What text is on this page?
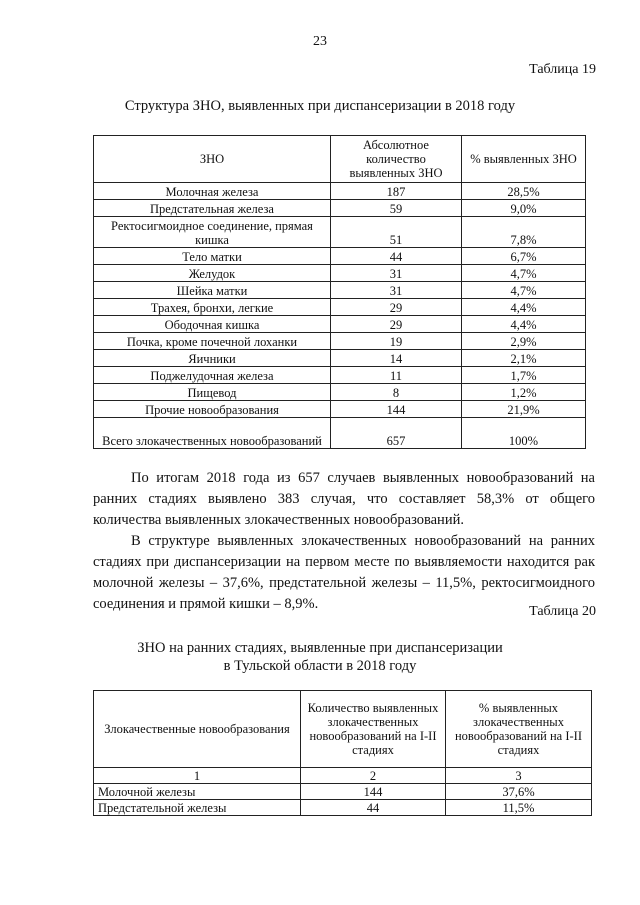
23
Таблица 19
Структура ЗНО, выявленных при диспансеризации в 2018 году
ЗНО	Абсолютное количество выявленных ЗНО	% выявленных ЗНО
Молочная железа	187	28,5%
Предстательная железа	59	9,0%
Ректосигмоидное соединение, прямая кишка	51	7,8%
Тело матки	44	6,7%
Желудок	31	4,7%
Шейка матки	31	4,7%
Трахея, бронхи, легкие	29	4,4%
Ободочная кишка	29	4,4%
Почка, кроме почечной лоханки	19	2,9%
Яичники	14	2,1%
Поджелудочная железа	11	1,7%
Пищевод	8	1,2%
Прочие новообразования	144	21,9%
Всего злокачественных новообразований	657	100%
По итогам 2018 года из 657 случаев выявленных новообразований на ранних стадиях выявлено 383 случая, что составляет 58,3% от общего количества выявленных злокачественных новообразований.
В структуре выявленных злокачественных новообразований на ранних стадиях при диспансеризации на первом месте по выявляемости находится рак молочной железы – 37,6%, предстательной железы – 11,5%, ректосигмоидного соединения и прямой кишки – 8,9%.	Таблица 20
ЗНО на ранних стадиях, выявленные при диспансеризации
в Тульской области в 2018 году
Злокачественные новообразования	Количество выявленных злокачественных новообразований на I-II стадиях	% выявленных злокачественных новообразований на I-II стадиях
1	2	3
Молочной железы	144	37,6%
Предстательной железы	44	11,5%
